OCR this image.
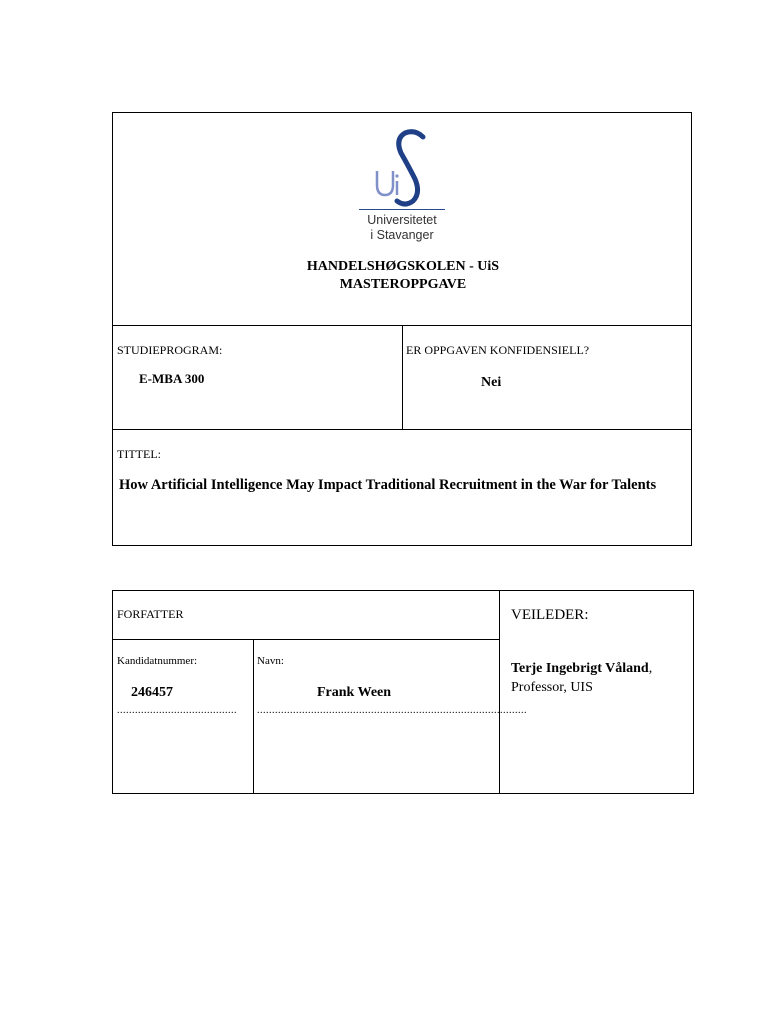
Universitetet
i Stavanger
HANDELSHØGSKOLEN - UiS
MASTEROPPGAVE
STUDIEPROGRAM:
E-MBA 300
ER OPPGAVEN KONFIDENSIELL?
Nei
TITTEL:
How Artificial Intelligence May Impact Traditional Recruitment in the War for Talents
FORFATTER
Kandidatnummer:
246457
........................................
Navn:
Frank Ween
..........................................................................................
VEILEDER:
Terje Ingebrigt Våland,
Professor, UIS
